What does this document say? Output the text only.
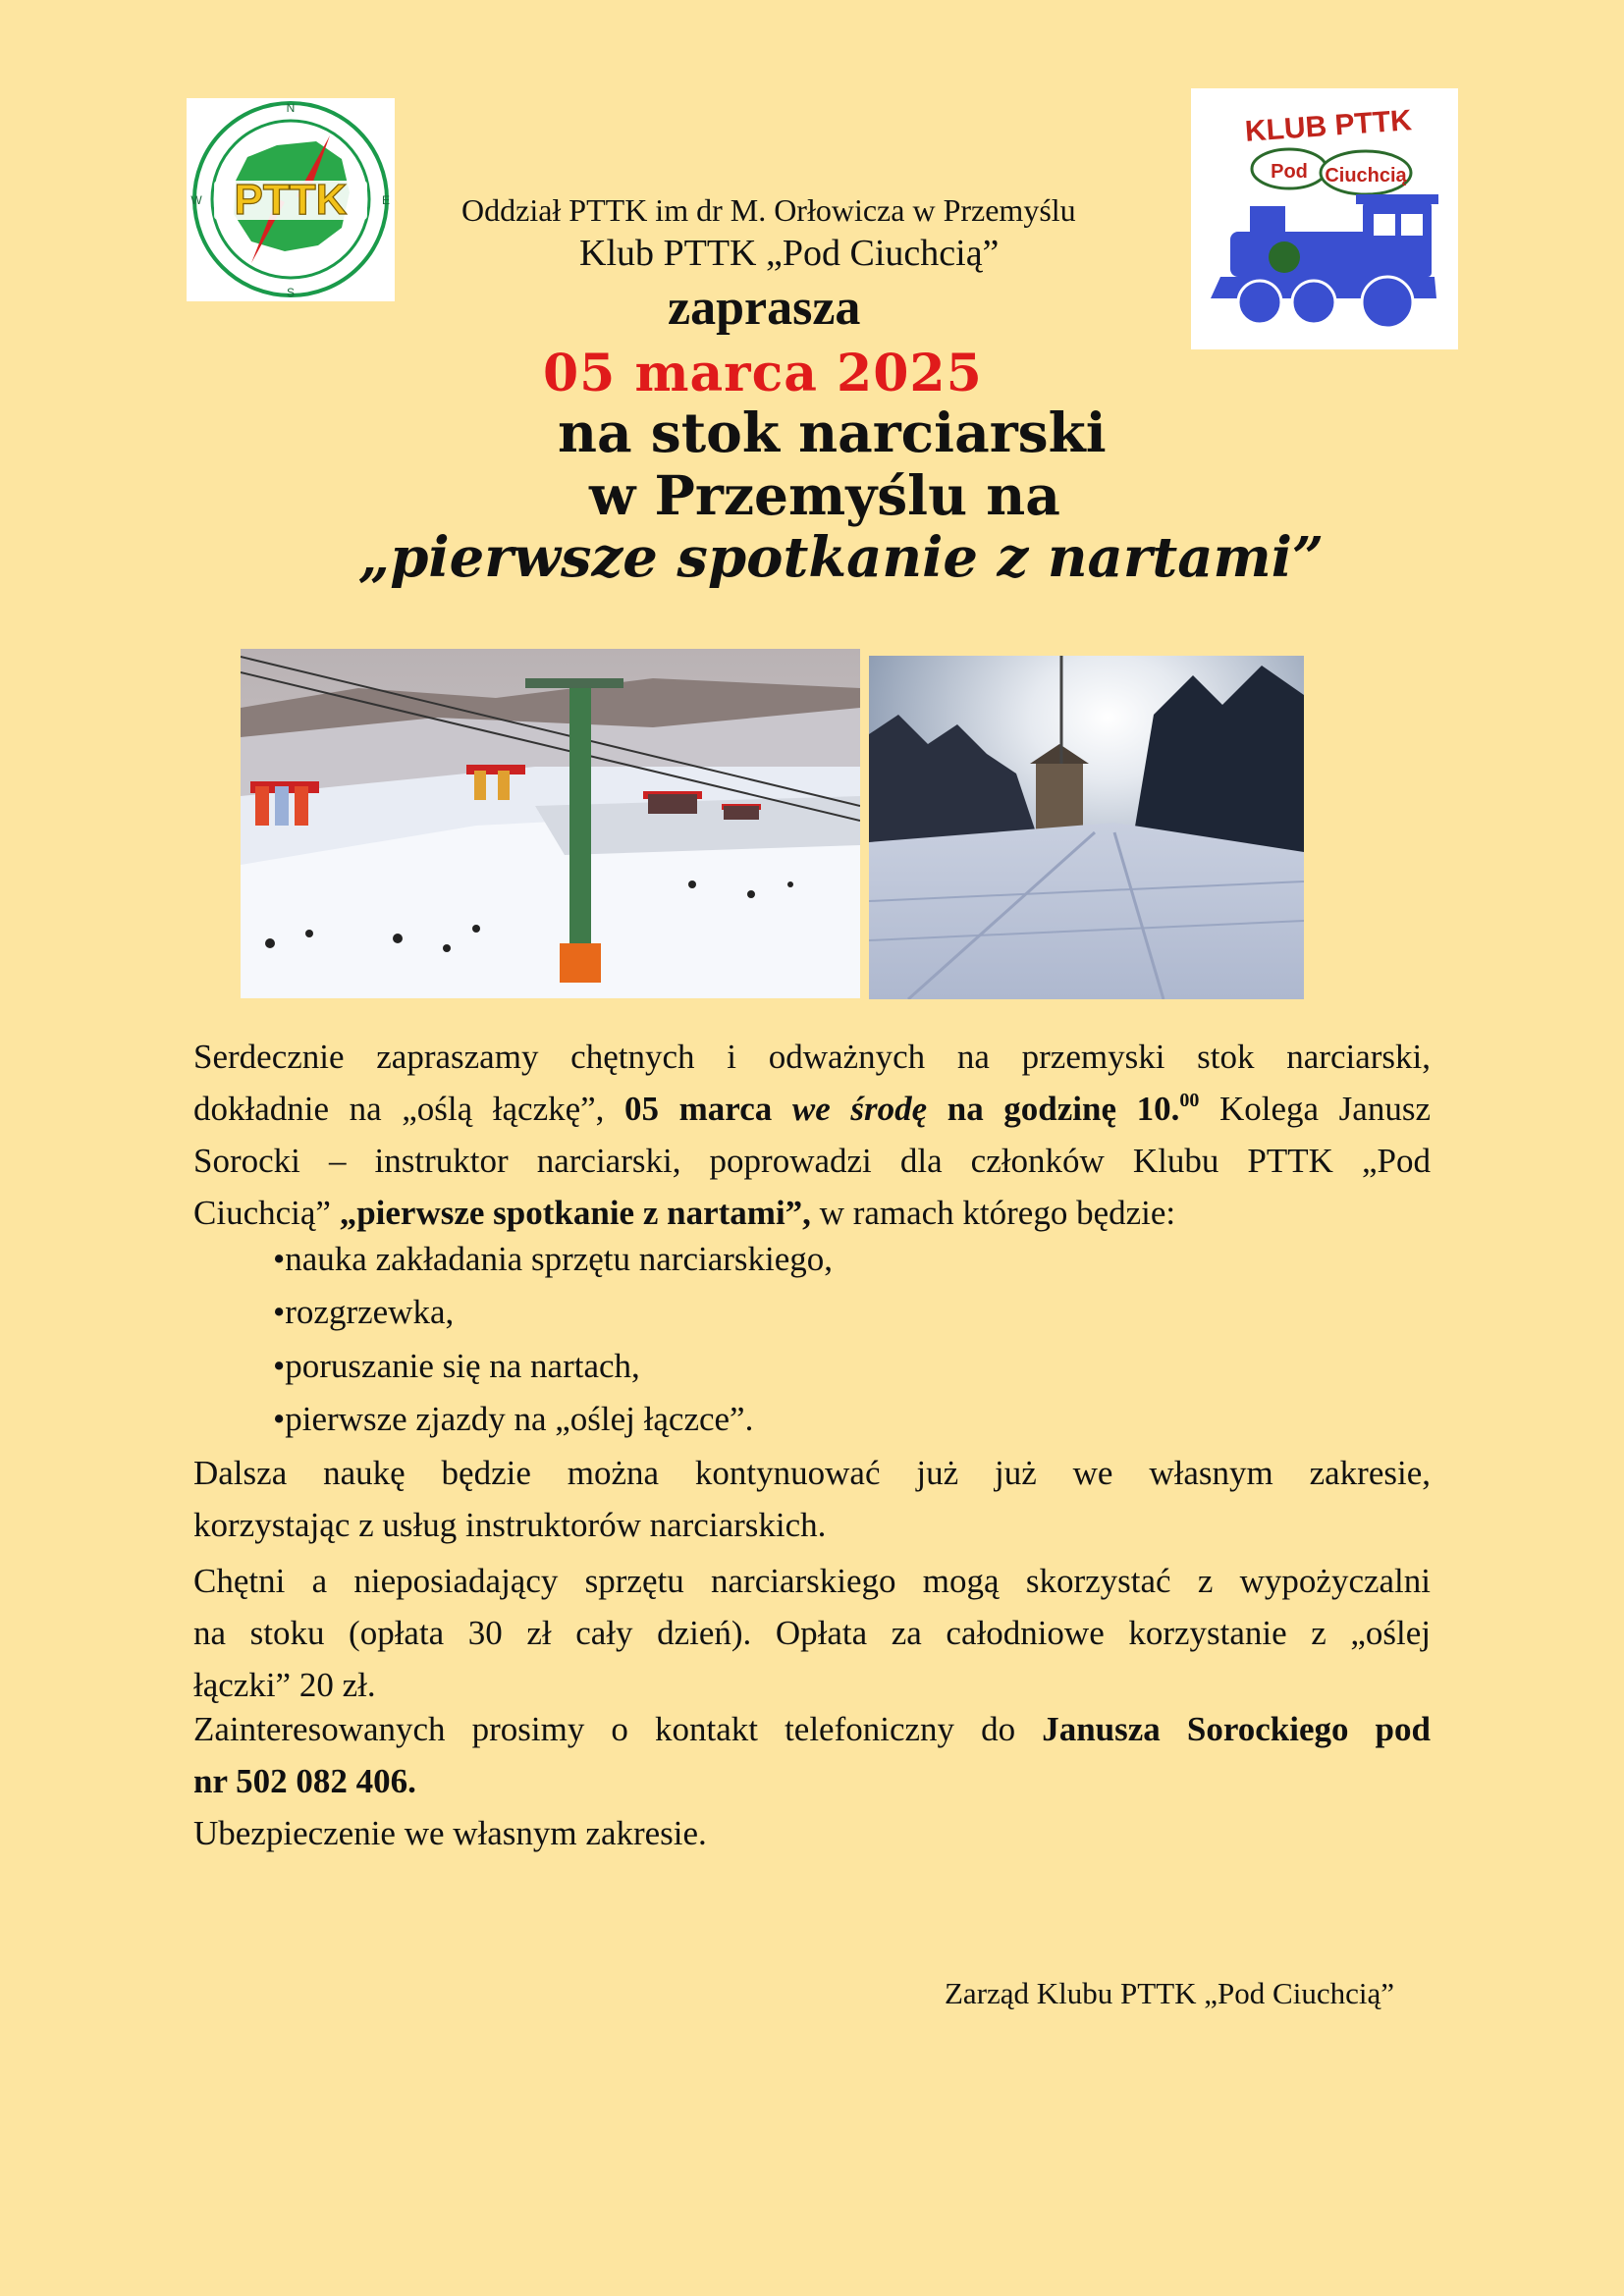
PTTK
N
E
S
W
KLUB PTTK
Pod Ciuchcią
Oddział PTTK im dr M. Orłowicza w Przemyślu
Klub PTTK „Pod Ciuchcią”
zaprasza
05 marca 2025
na stok narciarski
w Przemyślu na
„pierwsze spotkanie z nartami”
Serdecznie zapraszamy chętnych i odważnych na przemyski stok narciarski,
dokładnie na „oślą łączkę”, 05 marca we środę na godzinę 10.00 Kolega Janusz
Sorocki – instruktor narciarski, poprowadzi dla członków Klubu PTTK „Pod
Ciuchcią” „pierwsze spotkanie z nartami”, w ramach którego będzie:
•nauka zakładania sprzętu narciarskiego,
•rozgrzewka,
•poruszanie się na nartach,
•pierwsze zjazdy na „oślej łączce”.
Dalsza naukę będzie można kontynuować już już we własnym zakresie,
korzystając z usług instruktorów narciarskich.
Chętni a nieposiadający sprzętu narciarskiego mogą skorzystać z wypożyczalni
na stoku (opłata 30 zł cały dzień). Opłata za całodniowe korzystanie z „oślej
łączki” 20 zł.
Zainteresowanych prosimy o kontakt telefoniczny do Janusza Sorockiego pod
nr 502 082 406.
Ubezpieczenie we własnym zakresie.
Zarząd Klubu PTTK „Pod Ciuchcią”
